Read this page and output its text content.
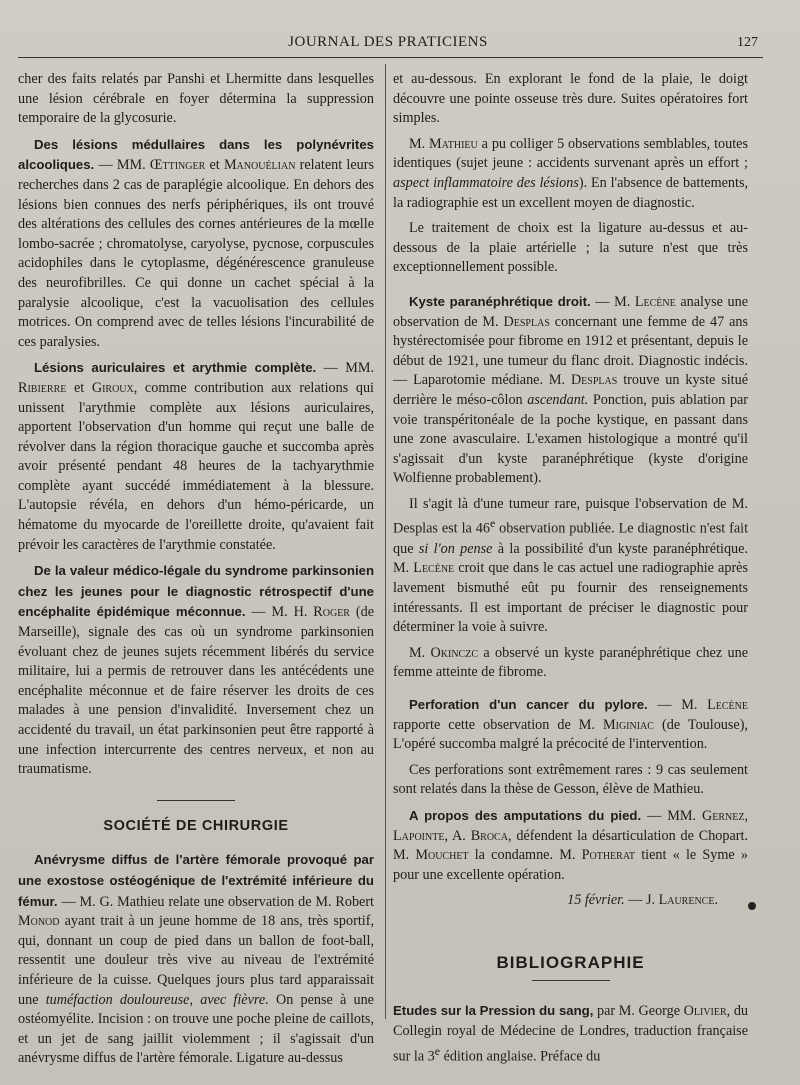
JOURNAL DES PRATICIENS	127

cher des faits relatés par Panshi et Lhermitte dans lesquelles une lésion cérébrale en foyer détermina la suppression temporaire de la glycosurie.

Des lésions médullaires dans les polynévrites alcooliques. — MM. Œttinger et Manouélian relatent leurs recherches dans 2 cas de paraplégie alcoolique. En dehors des lésions bien connues des nerfs périphériques, ils ont trouvé des altérations des cellules des cornes antérieures de la mœlle lombo-sacrée ; chromatolyse, caryolyse, pycnose, corpuscules acidophiles dans le cytoplasme, dégénérescence granuleuse des neurofibrilles. Ce qui donne un cachet spécial à la paralysie alcoolique, c'est la vacuolisation des cellules motrices. On comprend avec de telles lésions l'incurabilité de ces paralysies.

Lésions auriculaires et arythmie complète. — MM. Ribierre et Giroux, comme contribution aux relations qui unissent l'arythmie complète aux lésions auriculaires, apportent l'observation d'un homme qui reçut une balle de révolver dans la région thoracique gauche et succomba après avoir présenté pendant 48 heures de la tachyarythmie complète ayant succédé immédiatement à la blessure. L'autopsie révéla, en dehors d'un hémo-péricarde, un hématome du myocarde de l'oreillette droite, qu'avaient fait prévoir les caractères de l'arythmie constatée.

De la valeur médico-légale du syndrome parkinsonien chez les jeunes pour le diagnostic rétrospectif d'une encéphalite épidémique méconnue. — M. H. Roger (de Marseille), signale des cas où un syndrome parkinsonien évoluant chez de jeunes sujets récemment libérés du service militaire, lui a permis de retrouver dans les antécédents une encéphalite méconnue et de faire réserver les droits de ces malades à une pension d'invalidité. Inversement chez un accidenté du travail, un état parkinsonien peut être rapporté à une infection intercurrente des centres nerveux, et non au traumatisme.

SOCIÉTÉ DE CHIRURGIE

Anévrysme diffus de l'artère fémorale provoqué par une exostose ostéogénique de l'extrémité inférieure du fémur. — M. G. Mathieu relate une observation de M. Robert Monod ayant trait à un jeune homme de 18 ans, très sportif, qui, donnant un coup de pied dans un ballon de foot-ball, ressentit une douleur très vive au niveau de l'extrémité inférieure de la cuisse. Quelques jours plus tard apparaissait une tuméfaction douloureuse, avec fièvre. On pense à une ostéomyélite. Incision : on trouve une poche pleine de caillots, et un jet de sang jaillit violemment ; il s'agissait d'un anévrysme diffus de l'artère fémorale. Ligature au-dessus

et au-dessous. En explorant le fond de la plaie, le doigt découvre une pointe osseuse très dure. Suites opératoires fort simples.

M. Mathieu a pu colliger 5 observations semblables, toutes identiques (sujet jeune : accidents survenant après un effort ; aspect inflammatoire des lésions). En l'absence de battements, la radiographie est un excellent moyen de diagnostic.

Le traitement de choix est la ligature au-dessus et au-dessous de la plaie artérielle ; la suture n'est que très exceptionnellement possible.

Kyste paranéphrétique droit. — M. Lecène analyse une observation de M. Desplas concernant une femme de 47 ans hystérectomisée pour fibrome en 1912 et présentant, depuis le début de 1921, une tumeur du flanc droit. Diagnostic indécis. — Laparotomie médiane. M. Desplas trouve un kyste situé derrière le méso-côlon ascendant. Ponction, puis ablation par voie transpéritonéale de la poche kystique, en passant dans une zone avasculaire. L'examen histologique a montré qu'il s'agissait d'un kyste paranéphrétique (kyste d'origine Wolfienne probablement).

Il s'agit là d'une tumeur rare, puisque l'observation de M. Desplas est la 46e observation publiée. Le diagnostic n'est fait que si l'on pense à la possibilité d'un kyste paranéphrétique. M. Lecène croit que dans le cas actuel une radiographie après lavement bismuthé eût pu fournir des renseignements intéressants. Il est important de préciser le diagnostic pour déterminer la voie à suivre.

M. Okinczc a observé un kyste paranéphrétique chez une femme atteinte de fibrome.

Perforation d'un cancer du pylore. — M. Lecène rapporte cette observation de M. Miginiac (de Toulouse), L'opéré succomba malgré la précocité de l'intervention.

Ces perforations sont extrêmement rares : 9 cas seulement sont relatés dans la thèse de Gesson, élève de Mathieu.

A propos des amputations du pied. — MM. Gernez, Lapointe, A. Broca, défendent la désarticulation de Chopart. M. Mouchet la condamne. M. Potherat tient « le Syme » pour une excellente opération.

15 février. — J. Laurence.

BIBLIOGRAPHIE

Etudes sur la Pression du sang, par M. George Olivier, du Collegin royal de Médecine de Londres, traduction française sur la 3e édition anglaise. Préface du
